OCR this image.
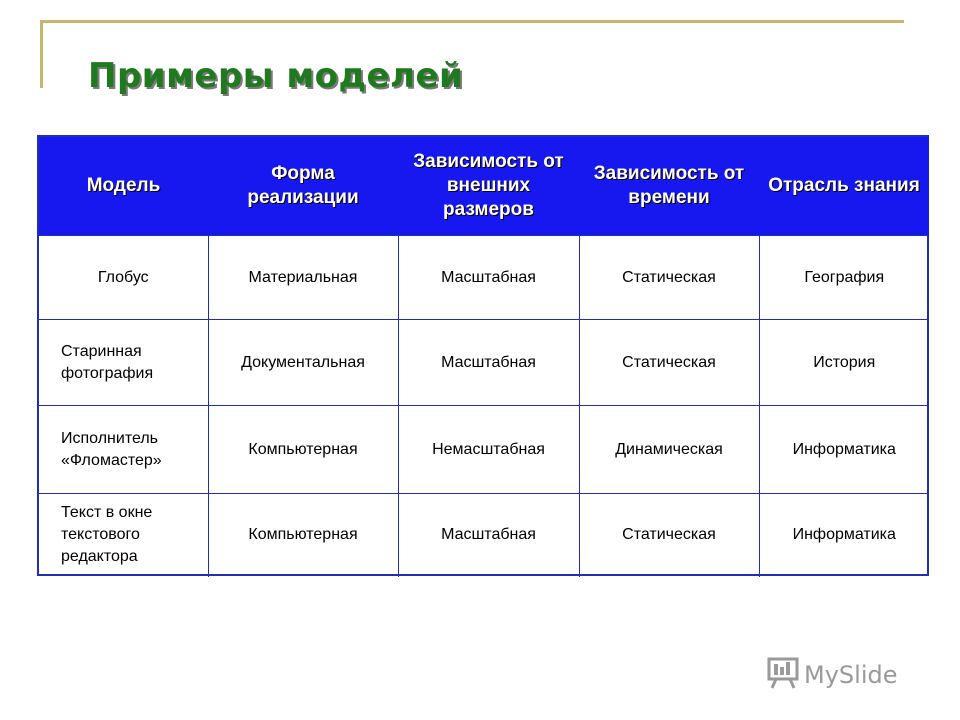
Примеры моделей
Модель	Форма реализации	Зависимость от внешних размеров	Зависимость от времени	Отрасль знания
Глобус	Материальная	Масштабная	Статическая	География
Старинная фотография	Документальная	Масштабная	Статическая	История
Исполнитель «Фломастер»	Компьютерная	Немасштабная	Динамическая	Информатика
Текст в окне текстового редактора	Компьютерная	Масштабная	Статическая	Информатика
MySlide
